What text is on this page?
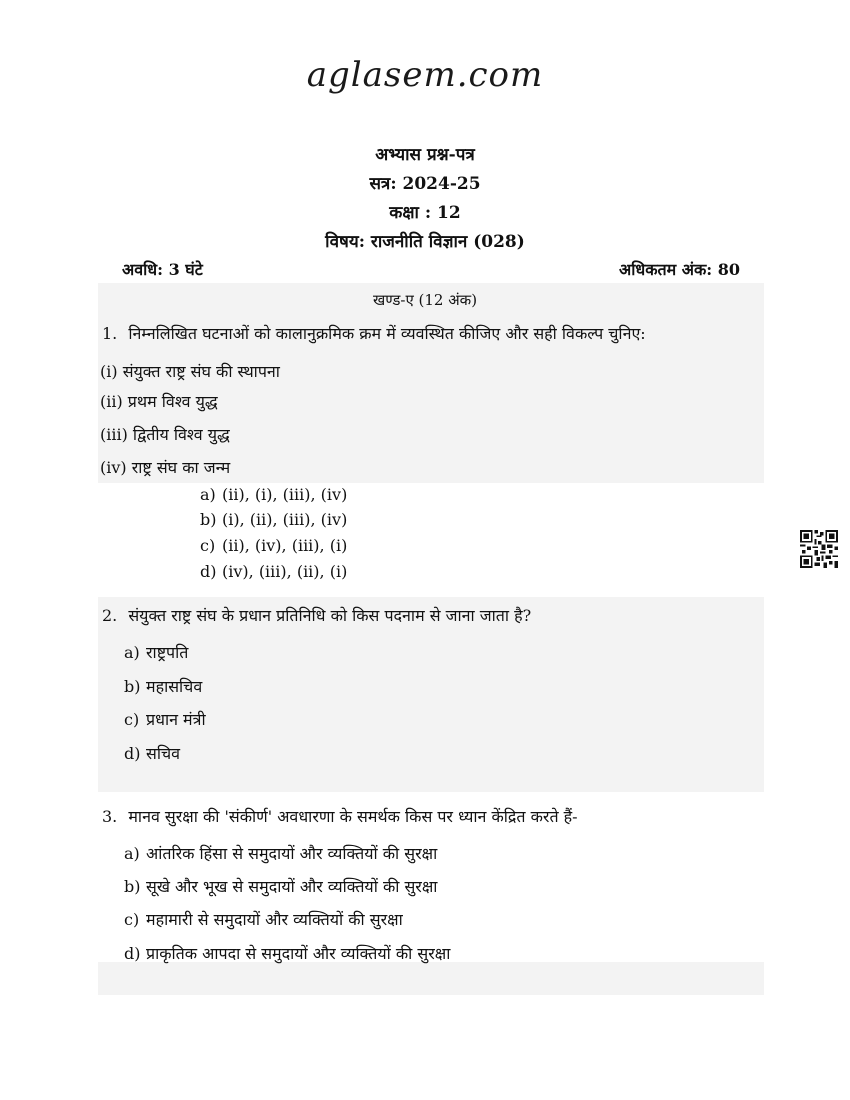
aglasem.com
अभ्यास प्रश्न-पत्र
सत्र: 2024-25
कक्षा : 12
विषय: राजनीति विज्ञान (028)
अवधि: 3 घंटे	अधिकतम अंक: 80
खण्ड-ए (12 अंक)
1. निम्नलिखित घटनाओं को कालानुक्रमिक क्रम में व्यवस्थित कीजिए और सही विकल्प चुनिए:
(i) संयुक्त राष्ट्र संघ की स्थापना
(ii) प्रथम विश्व युद्ध
(iii) द्वितीय विश्व युद्ध
(iv) राष्ट्र संघ का जन्म
a) (ii), (i), (iii), (iv)
b) (i), (ii), (iii), (iv)
c) (ii), (iv), (iii), (i)
d) (iv), (iii), (ii), (i)
2. संयुक्त राष्ट्र संघ के प्रधान प्रतिनिधि को किस पदनाम से जाना जाता है?
a) राष्ट्रपति
b) महासचिव
c) प्रधान मंत्री
d) सचिव
3. मानव सुरक्षा की 'संकीर्ण' अवधारणा के समर्थक किस पर ध्यान केंद्रित करते हैं-
a) आंतरिक हिंसा से समुदायों और व्यक्तियों की सुरक्षा
b) सूखे और भूख से समुदायों और व्यक्तियों की सुरक्षा
c) महामारी से समुदायों और व्यक्तियों की सुरक्षा
d) प्राकृतिक आपदा से समुदायों और व्यक्तियों की सुरक्षा
